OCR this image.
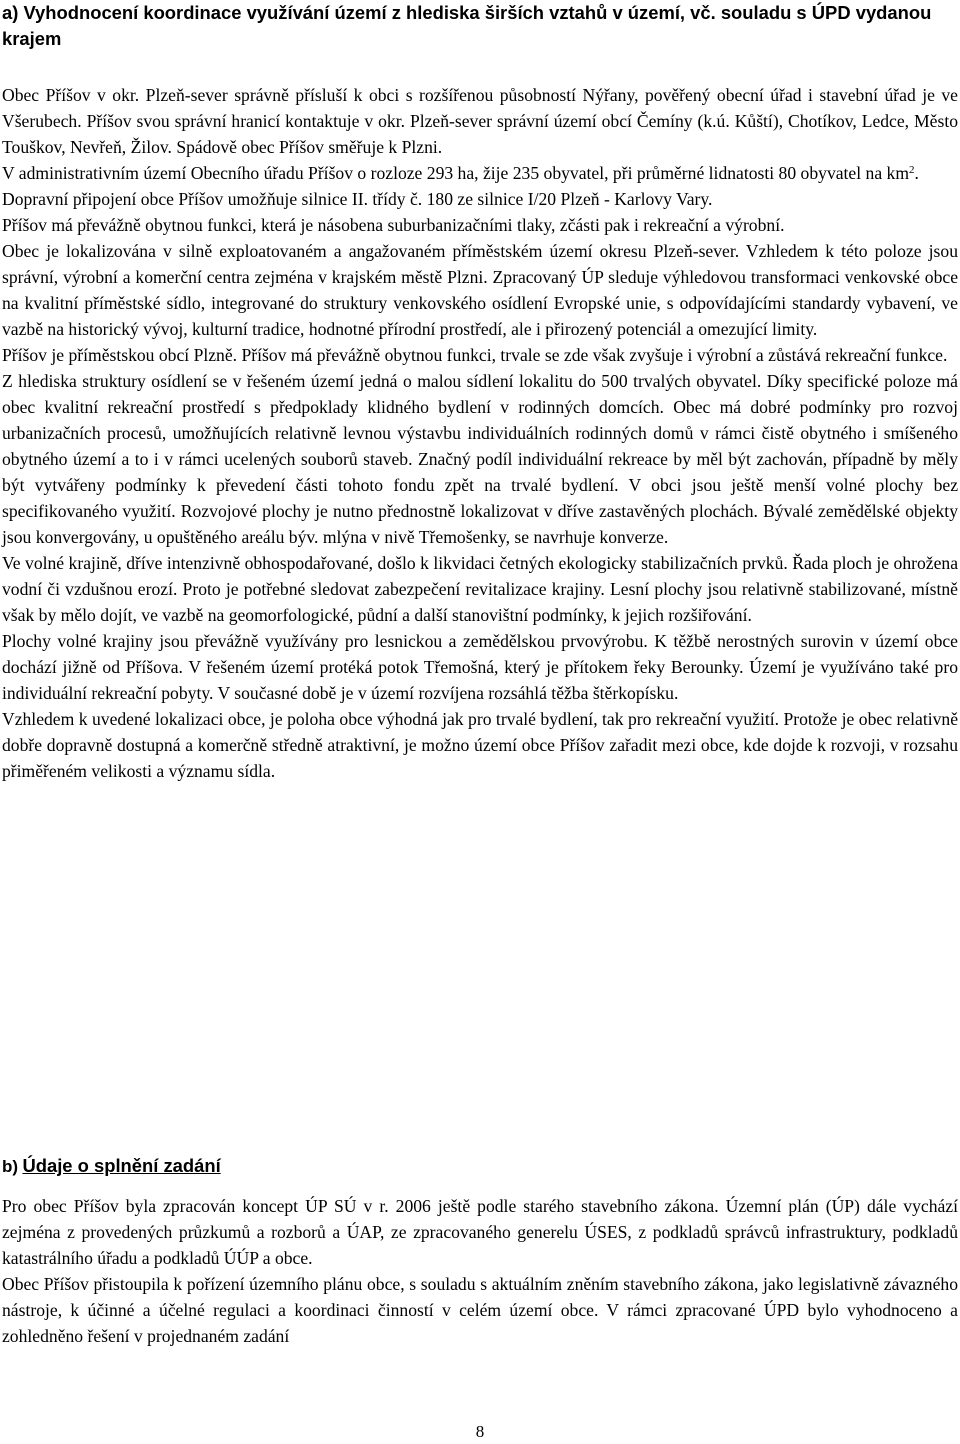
a) Vyhodnocení koordinace využívání území z hlediska širších vztahů v území, vč. souladu s ÚPD vydanou krajem

Obec Příšov v okr. Plzeň-sever správně přísluší k obci s rozšířenou působností Nýřany, pověřený obecní úřad i stavební úřad je ve Všerubech. Příšov svou správní hranicí kontaktuje v okr. Plzeň-sever správní území obcí Čemíny (k.ú. Kůští), Chotíkov, Ledce, Město Touškov, Nevřeň, Žilov. Spádově obec Příšov směřuje k Plzni.

V administrativním území Obecního úřadu Příšov o rozloze 293 ha, žije 235 obyvatel, při průměrné lidnatosti 80 obyvatel na $km^2$.

Dopravní připojení obce Příšov umožňuje silnice II. třídy č. 180 ze silnice I/20 Plzeň - Karlovy Vary.

Příšov má převážně obytnou funkci, která je násobena suburbanizačními tlaky, zčásti pak i rekreační a výrobní.

Obec je lokalizována v silně exploatovaném a angažovaném příměstském území okresu Plzeň-sever. Vzhledem k této poloze jsou správní, výrobní a komerční centra zejména v krajském městě Plzni. Zpracovaný ÚP sleduje výhledovou transformaci venkovské obce na kvalitní příměstské sídlo, integrované do struktury venkovského osídlení Evropské unie, s odpovídajícími standardy vybavení, ve vazbě na historický vývoj, kulturní tradice, hodnotné přírodní prostředí, ale i přirozený potenciál a omezující limity.

Příšov je příměstskou obcí Plzně. Příšov má převážně obytnou funkci, trvale se zde však zvyšuje i výrobní a zůstává rekreační funkce.

Z hlediska struktury osídlení se v řešeném území jedná o malou sídlení lokalitu do 500 trvalých obyvatel. Díky specifické poloze má obec kvalitní rekreační prostředí s předpoklady klidného bydlení v rodinných domcích. Obec má dobré podmínky pro rozvoj urbanizačních procesů, umožňujících relativně levnou výstavbu individuálních rodinných domů v rámci čistě obytného i smíšeného obytného území a to i v rámci ucelených souborů staveb. Značný podíl individuální rekreace by měl být zachován, případně by měly být vytvářeny podmínky k převedení části tohoto fondu zpět na trvalé bydlení. V obci jsou ještě menší volné plochy bez specifikovaného využití. Rozvojové plochy je nutno přednostně lokalizovat v dříve zastavěných plochách. Bývalé zemědělské objekty jsou konvergovány, u opuštěného areálu býv. mlýna v nivě Třemošenky, se navrhuje konverze.

Ve volné krajině, dříve intenzivně obhospodařované, došlo k likvidaci četných ekologicky stabilizačních prvků. Řada ploch je ohrožena vodní či vzdušnou erozí. Proto je potřebné sledovat zabezpečení revitalizace krajiny. Lesní plochy jsou relativně stabilizované, místně však by mělo dojít, ve vazbě na geomorfologické, půdní a další stanovištní podmínky, k jejich rozšiřování.

Plochy volné krajiny jsou převážně využívány pro lesnickou a zemědělskou prvovýrobu. K těžbě nerostných surovin v území obce dochází jižně od Příšova. V řešeném území protéká potok Třemošná, který je přítokem řeky Berounky. Území je využíváno také pro individuální rekreační pobyty. V současné době je v území rozvíjena rozsáhlá těžba štěrkopísku.

Vzhledem k uvedené lokalizaci obce, je poloha obce výhodná jak pro trvalé bydlení, tak pro rekreační využití. Protože je obec relativně dobře dopravně dostupná a komerčně středně atraktivní, je možno území obce Příšov zařadit mezi obce, kde dojde k rozvoji, v rozsahu přiměřeném velikosti a významu sídla.

b) Údaje o splnění zadání

Pro obec Příšov byla zpracován koncept ÚP SÚ v r. 2006 ještě podle starého stavebního zákona. Územní plán (ÚP) dále vychází zejména z provedených průzkumů a rozborů a ÚAP, ze zpracovaného generelu ÚSES, z podkladů správců infrastruktury, podkladů katastrálního úřadu a podkladů ÚÚP a obce.

Obec Příšov přistoupila k pořízení územního plánu obce, s souladu s aktuálním zněním stavebního zákona, jako legislativně závazného nástroje, k účinné a účelné regulaci a koordinaci činností v celém území obce. V rámci zpracované ÚPD bylo vyhodnoceno a zohledněno řešení v projednaném zadání

8
